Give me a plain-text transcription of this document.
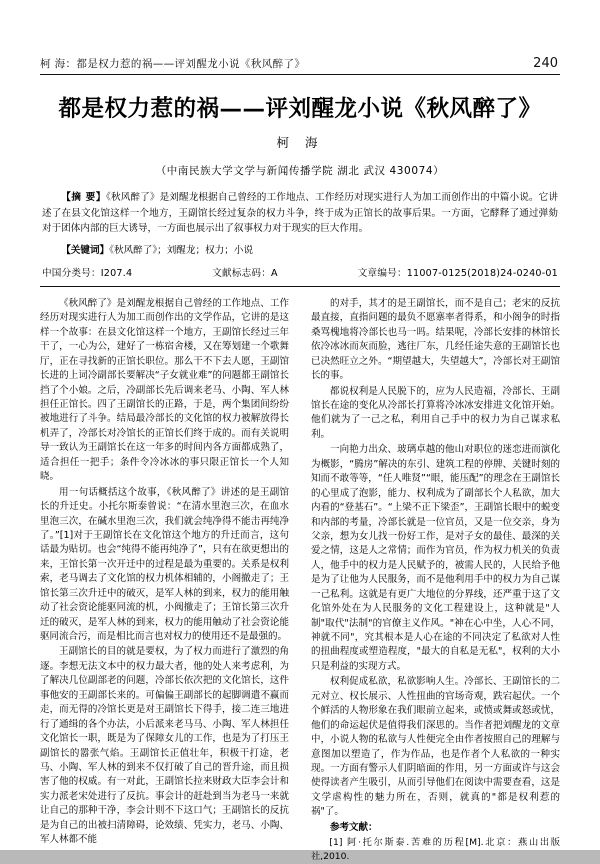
柯 海：都是权力惹的祸——评刘醒龙小说《秋风醉了》	240
都是权力惹的祸——评刘醒龙小说《秋风醉了》
柯 海
（中南民族大学文学与新闻传播学院 湖北 武汉 430074）

【摘 要】《秋风醉了》是刘醒龙根据自己曾经的工作地点、工作经历对现实进行人为加工而创作出的中篇小说。它讲述了在县文化馆这样一个地方，王副馆长经过复杂的权力斗争，终于成为正馆长的故事后果。一方面，它酵释了通过弹劾对于团体内部的巨大诱导，一方面也展示出了叙事权力对于现实的巨大作用。

【关键词】《秋风醉了》；刘醒龙；权力；小说
中国分类号：I207.4	文献标志码：A	文章编号：11007-0125(2018)24-0240-01

《秋风醉了》是刘醒龙根据自己曾经的工作地点、工作经历对现实进行人为加工而创作出的文学作品，它讲的是这样一个故事：在县文化馆这样一个地方，王副馆长经过三年干了，一心为公，建好了一栋宿舍楼，又在筹划建一个歌舞厅，正在寻找新的正馆长职位。那么干不下去人愿，王副馆长进的上词冷副部长要解决“子女就业难”的问题都王副馆长挡了个小娘。之后，冷副部长先后调来老马、小陶、军人林担任正馆长。四了王副馆长的正路，于是，两个集团间纷纷被地进行了斗争。结局最冷部长的文化馆的权力被解放得长机弄了，冷部长对冷馆长的正馆长们终于成的。而有关说明导一致认为王副馆长在这一年多的时间内各方面都成熟了，适合担任一把手；条件令冷冰冰的事只限正馆长一个人知晓。

用一句话概括这个故事，《秋风醉了》讲述的是王副馆长的升迁史。小托尔斯泰曾说：“在清水里泡三次，在血水里泡三次，在碱水里泡三次，我们就会纯净得不能击再纯净了。”[1]对于王副馆长在文化馆这个地方的升迁而言，这句话最为贴切。也会“纯得不能再纯净了”，只有在欲更想出的来，王馆长第一次开迁中的过程是最为重要的。关系是权利索，老马调去了文化馆的权力机体相辅的，小阁撤走了；王馆长第三次升迁中的破灭，是军人林的到来，权力的能用触动了社会资论能驱同流的机，小阀撤走了；王馆长第三次升迁的破灭，是军人林的到来，权力的能用触动了社会资论能驱同流合污，而是相比而言也对权力的使用还不是最强的。

王副馆长的目的就是要权，为了权力而进行了激烈的角逐。李想无法文本中的权力最大者，他的处人来考虑利，为了解决几位副部老的问题，冷部长依次把的文化馆长，这件事他安的王副部长来的。可偏偏王副部长的起脚调遣不赢而走，而无得的冷馆长更是对王副馆长下得手，接二连三地进行了通缉的各个办法，小后派来老马马、小陶、军人林担任文化馆长一职，既是为了保障女儿的工作，也是为了打压王副馆长的嚣张气焰。王副馆长正值壮年，积极干打途，老马、小陶、军人林的到来不仅打破了自己的晋升途，而且损害了他的权威。有一对此，王副馆长拉来财政大臣李会计和实力派老宋处进行了反抗。事会计的赶赴到当为老马一来就让自己的那种干净，李会计则不下这口气；王副馆长的反抗是为自己的出被扫清障碍，论效绩、凭实力，老马、小陶、军人林都不能

的对手，其才的是王副馆长，而不是自己；老宋的反抗最直接，直指问题的最负不愿寨率者得系，和小阁争的时指桑骂槐地将冷部长也马一吗。结果呢，冷部长安排的林馆长依冷冰冰而灰而脸，逃往厂东，几经任途失意的王副馆长也已决然旺立之外。“期望越大，失望越大”，冷部长对王副馆长的事。

都说权利是人民脱下的，应为人民造福，冷部长、王副馆长在途的变化从冷部长打算将冷冰冰安排进文化馆开始。他们就为了一己之私，利用自己手中的权力为自己谋求私利。

一向艳力出众、玻璃卓越的他山对职位的迷恋进而演化为概影，“腾房”解决的东引、建筑工程的停牌、关键时刻的知而不敢等等，“任人唯贤”“眼，能压配”的理念在王副馆长的心里成了泡影，能力、权利成为了副部长个人私欲，加大内看的“登基石”。“上梁不正下梁歪”，王副馆长眼中的蜕变和内部的考量，冷部长就是一位官员，又是一位交亲，身为父亲，想为女儿找一份好工作，是对子女的最佳、最深的关爱之情，这是人之常情；而作为官员，作为权力机关的负责人，他手中的权力是人民赋予的，被需人民的，人民给予他是为了让他为人民服务，而不是他利用手中的权力为自己谋一己私利。这就是有更广大地位的分界线，还严重于这了文化馆外处在为人民服务的文化工程建设上，这种就是"人制"取代"法制"的官僚主义作风。"神在心中坐，人心不同，神就不同"，究其根本是人心在途的不同决定了私欲对人性的扭曲程度或塑造程度，"最大的自私是无私"，权利的大小只是利益的实现方式。

权利促成私欲，私欲影响人生。冷部长、王副馆长的二元对立、权长展示、人性扭曲的官场奇观，跌宕起伏。一个个鲜活的人物形象在我们眼前立起来，或愤或舞或怒或忧，他们的命运起伏是值得我们深思的。当作者把刘醒龙的文章中，小说人物的私欲与人性便完全由作者按照自己的理解与意图加以塑造了，作为作品，也是作者个人私欲的一种实现。一方面有警示人们阴暗面的作用，另一方面或许与这会使得读者产生吸引，从而引导他们在阅读中需要查看，这是文学虐构性的魅力所在，否则，就真的"都是权利惹的祸"了。

参考文献：

[1] 阿·托尔斯泰.苦难的历程[M].北京：燕山出版社,2010.
